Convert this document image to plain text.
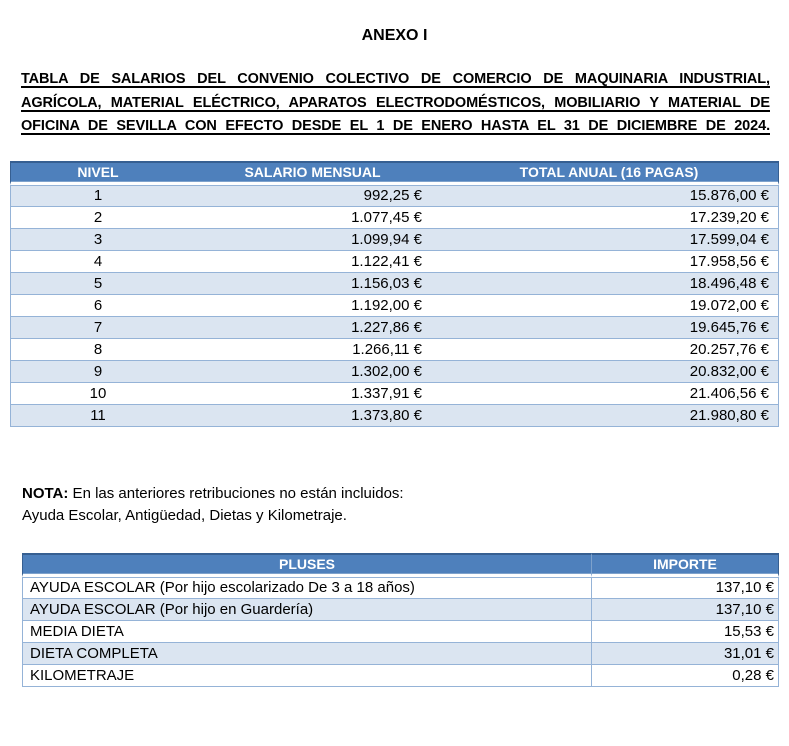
ANEXO I

TABLA DE SALARIOS DEL CONVENIO COLECTIVO DE COMERCIO DE MAQUINARIA INDUSTRIAL, AGRÍCOLA, MATERIAL ELÉCTRICO, APARATOS ELECTRODOMÉSTICOS, MOBILIARIO Y MATERIAL DE OFICINA DE SEVILLA CON EFECTO DESDE EL 1 DE ENERO HASTA EL 31 DE DICIEMBRE DE 2024.

NIVEL	SALARIO MENSUAL	TOTAL ANUAL (16 PAGAS)
1	992,25 €	15.876,00 €
2	1.077,45 €	17.239,20 €
3	1.099,94 €	17.599,04 €
4	1.122,41 €	17.958,56 €
5	1.156,03 €	18.496,48 €
6	1.192,00 €	19.072,00 €
7	1.227,86 €	19.645,76 €
8	1.266,11 €	20.257,76 €
9	1.302,00 €	20.832,00 €
10	1.337,91 €	21.406,56 €
11	1.373,80 €	21.980,80 €

NOTA: En las anteriores retribuciones no están incluidos:
Ayuda Escolar, Antigüedad, Dietas y Kilometraje.

PLUSES	IMPORTE
AYUDA ESCOLAR (Por hijo escolarizado De 3 a 18 años)	137,10 €
AYUDA ESCOLAR (Por hijo en Guardería)	137,10 €
MEDIA DIETA	15,53 €
DIETA COMPLETA	31,01 €
KILOMETRAJE	0,28 €
